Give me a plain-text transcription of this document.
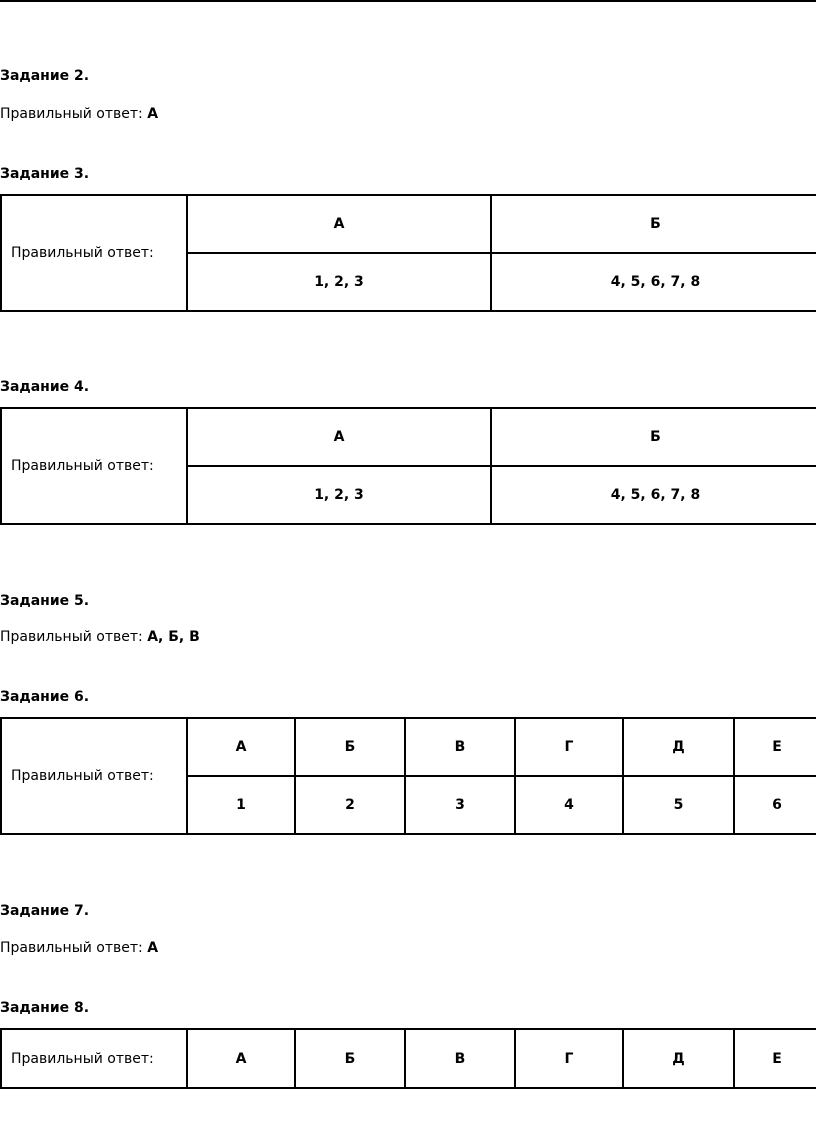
Задание 2.

Правильный ответ: А

Задание 3.

Правильный ответ:	А	Б
	1, 2, 3	4, 5, 6, 7, 8

Задание 4.

Правильный ответ:	А	Б
	1, 2, 3	4, 5, 6, 7, 8

Задание 5.

Правильный ответ: А, Б, В

Задание 6.

Правильный ответ:	А	Б	В	Г	Д	Е
	1	2	3	4	5	6

Задание 7.

Правильный ответ: А

Задание 8.

Правильный ответ:	А	Б	В	Г	Д	Е
